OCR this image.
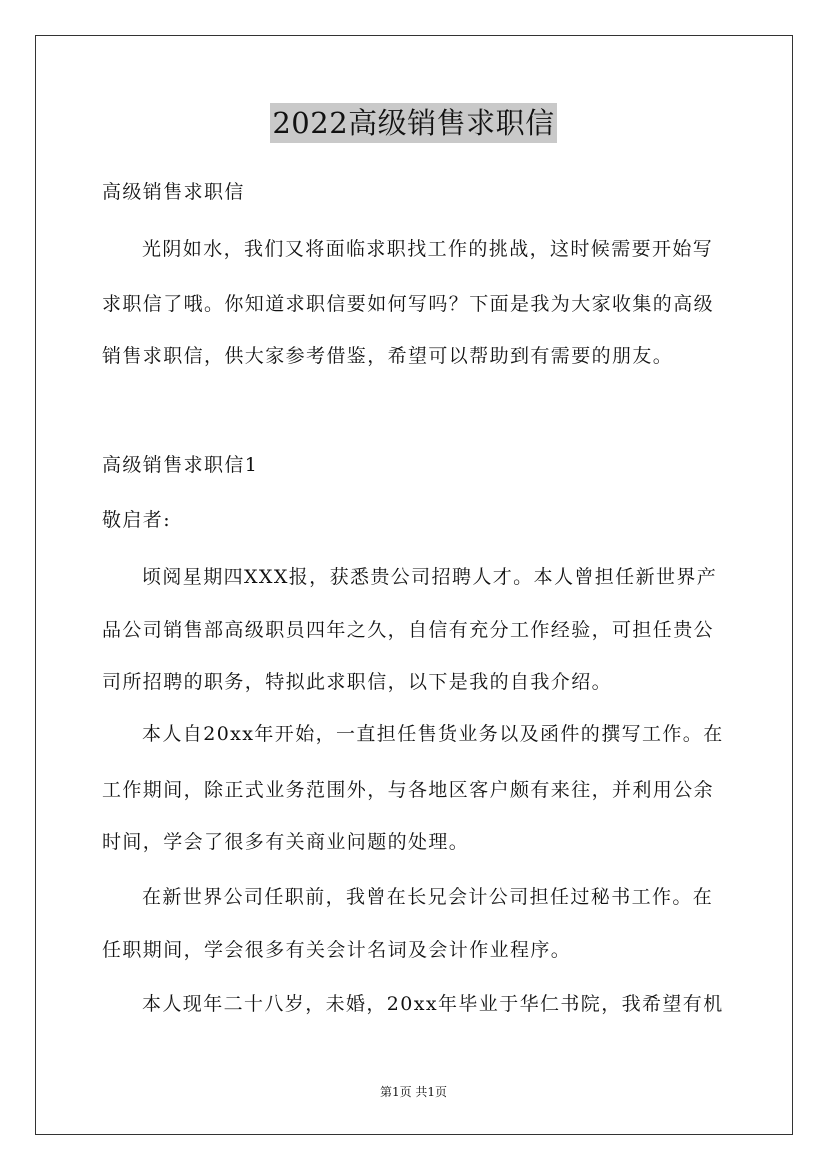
2022高级销售求职信
高级销售求职信
光阴如水，我们又将面临求职找工作的挑战，这时候需要开始写
求职信了哦。你知道求职信要如何写吗？下面是我为大家收集的高级
销售求职信，供大家参考借鉴，希望可以帮助到有需要的朋友。
高级销售求职信1
敬启者:
顷阅星期四XXX报，获悉贵公司招聘人才。本人曾担任新世界产
品公司销售部高级职员四年之久，自信有充分工作经验，可担任贵公
司所招聘的职务，特拟此求职信，以下是我的自我介绍。
本人自20xx年开始，一直担任售货业务以及函件的撰写工作。在
工作期间，除正式业务范围外，与各地区客户颇有来往，并利用公余
时间，学会了很多有关商业问题的处理。
在新世界公司任职前，我曾在长兄会计公司担任过秘书工作。在
任职期间，学会很多有关会计名词及会计作业程序。
本人现年二十八岁，未婚，20xx年毕业于华仁书院，我希望有机
第1页 共1页
